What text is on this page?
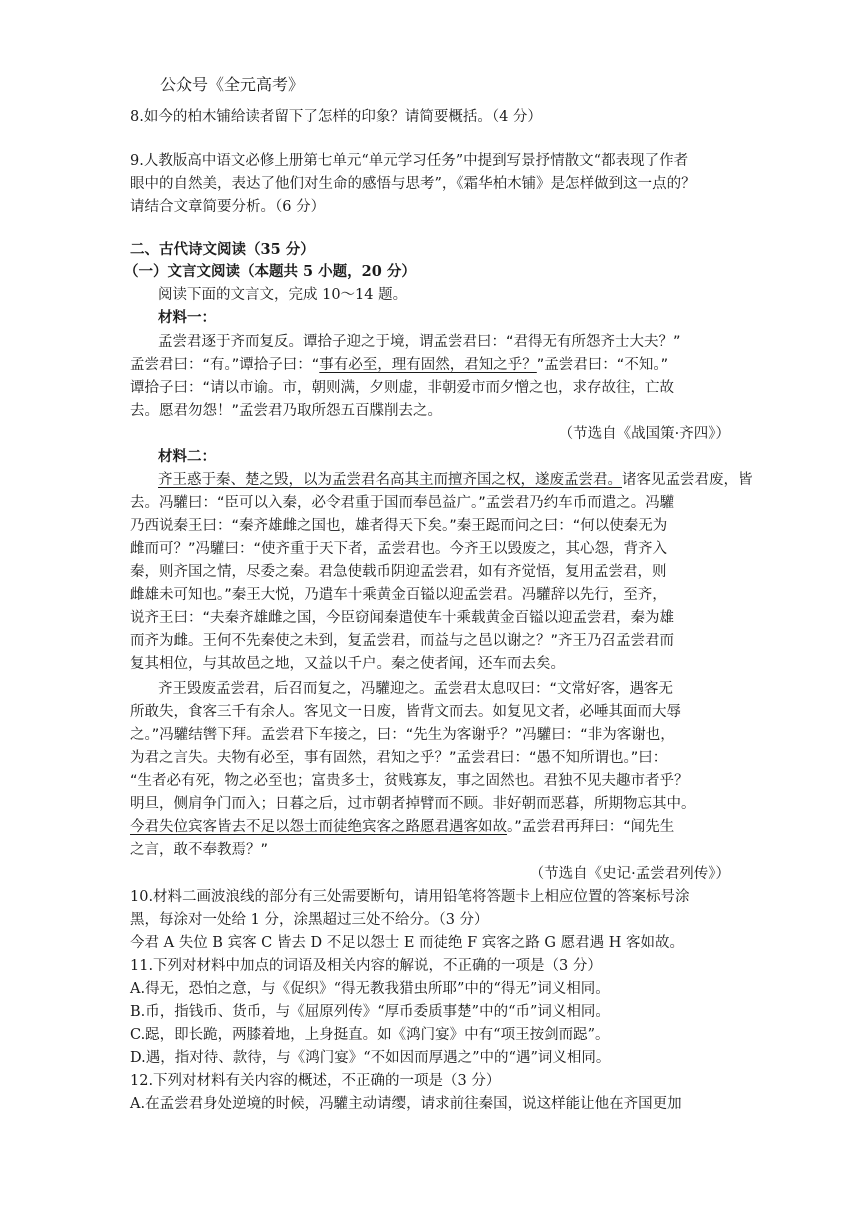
公众号《全元高考》
8.如今的柏木铺给读者留下了怎样的印象？请简要概括。（4 分）
9.人教版高中语文必修上册第七单元“单元学习任务”中提到写景抒情散文“都表现了作者
眼中的自然美，表达了他们对生命的感悟与思考”，《霜华柏木铺》是怎样做到这一点的？
请结合文章简要分析。（6 分）
二、古代诗文阅读（35 分）
（一）文言文阅读（本题共 5 小题，20 分）
阅读下面的文言文，完成 10～14 题。
材料一：
孟尝君逐于齐而复反。谭拾子迎之于境，谓孟尝君曰：“君得无有所怨齐士大夫？”
孟尝君曰：“有。”谭拾子曰：“事有必至，理有固然，君知之乎？”孟尝君曰：“不知。”
谭拾子曰：“请以市谕。市，朝则满，夕则虚，非朝爱市而夕憎之也，求存故往，亡故
去。愿君勿怨！”孟尝君乃取所怨五百牒削去之。
（节选自《战国策·齐四》）
材料二：
齐王惑于秦、楚之毁，以为孟尝君名高其主而擅齐国之权，遂废孟尝君。诸客见孟尝君废，皆
去。冯驩曰：“臣可以入秦，必令君重于国而奉邑益广。”孟尝君乃约车币而遣之。冯驩
乃西说秦王曰：“秦齐雄雌之国也，雄者得天下矣。”秦王跽而问之曰：“何以使秦无为
雌而可？”冯驩曰：“使齐重于天下者，孟尝君也。今齐王以毁废之，其心怨，背齐入
秦，则齐国之情，尽委之秦。君急使载币阴迎孟尝君，如有齐觉悟，复用孟尝君，则
雌雄未可知也。”秦王大悦，乃遣车十乘黄金百镒以迎孟尝君。冯驩辞以先行，至齐，
说齐王曰：“夫秦齐雄雌之国，今臣窃闻秦遣使车十乘载黄金百镒以迎孟尝君，秦为雄
而齐为雌。王何不先秦使之未到，复孟尝君，而益与之邑以谢之？”齐王乃召孟尝君而
复其相位，与其故邑之地，又益以千户。秦之使者闻，还车而去矣。
齐王毁废孟尝君，后召而复之，冯驩迎之。孟尝君太息叹曰：“文常好客，遇客无
所敢失，食客三千有余人。客见文一日废，皆背文而去。如复见文者，必唾其面而大辱
之。”冯驩结辔下拜。孟尝君下车接之，曰：“先生为客谢乎？”冯驩曰：“非为客谢也，
为君之言失。夫物有必至，事有固然，君知之乎？”孟尝君曰：“愚不知所谓也。”曰：
“生者必有死，物之必至也；富贵多士，贫贱寡友，事之固然也。君独不见夫趣市者乎？
明旦，侧肩争门而入；日暮之后，过市朝者掉臂而不顾。非好朝而恶暮，所期物忘其中。
今君失位宾客皆去不足以怨士而徒绝宾客之路愿君遇客如故。”孟尝君再拜曰：“闻先生
之言，敢不奉教焉？”
（节选自《史记·孟尝君列传》）
10.材料二画波浪线的部分有三处需要断句，请用铅笔将答题卡上相应位置的答案标号涂
黑，每涂对一处给 1 分，涂黑超过三处不给分。（3 分）
今君 A 失位 B 宾客 C 皆去 D 不足以怨士 E 而徒绝 F 宾客之路 G 愿君遇 H 客如故。
11.下列对材料中加点的词语及相关内容的解说，不正确的一项是（3 分）
A.得无，恐怕之意，与《促织》“得无教我猎虫所耶”中的“得无”词义相同。
B.币，指钱币、货币，与《屈原列传》“厚币委质事楚”中的“币”词义相同。
C.跽，即长跪，两膝着地，上身挺直。如《鸿门宴》中有“项王按剑而跽”。
D.遇，指对待、款待，与《鸿门宴》“不如因而厚遇之”中的“遇”词义相同。
12.下列对材料有关内容的概述，不正确的一项是（3 分）
A.在孟尝君身处逆境的时候，冯驩主动请缨，请求前往秦国，说这样能让他在齐国更加
